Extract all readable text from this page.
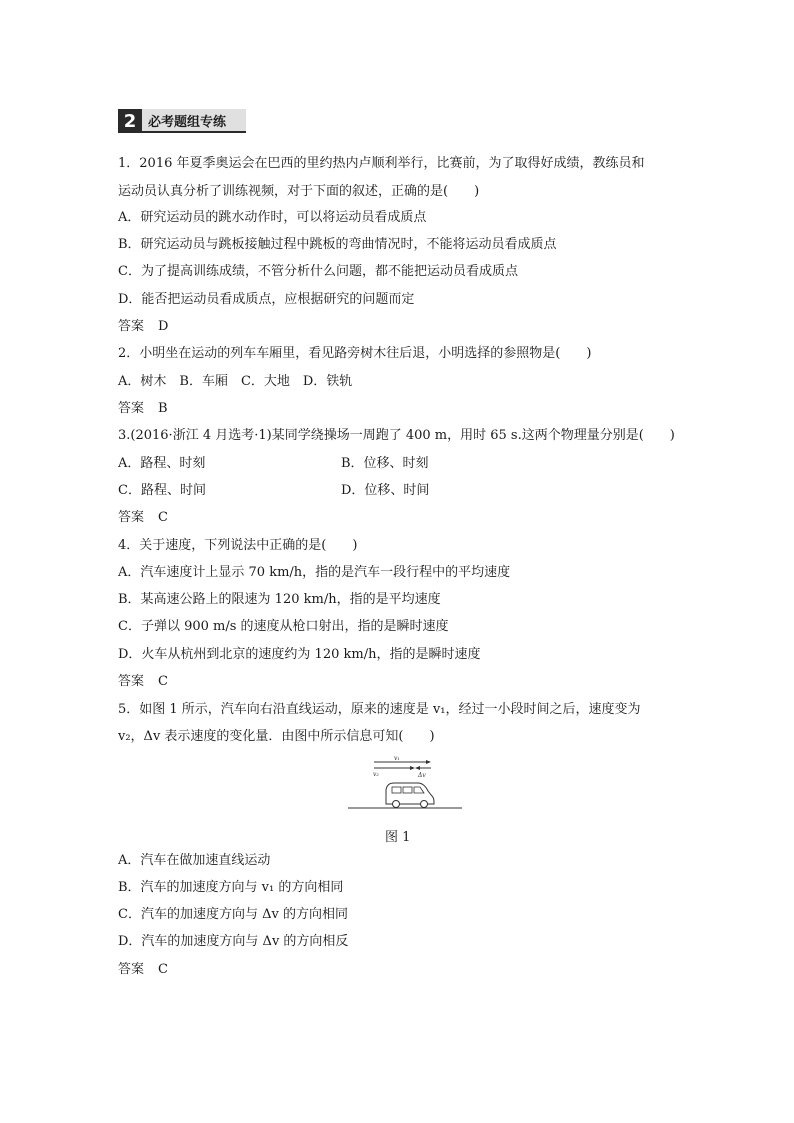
2 必考题组专练
1．2016 年夏季奥运会在巴西的里约热内卢顺利举行，比赛前，为了取得好成绩，教练员和
运动员认真分析了训练视频，对于下面的叙述，正确的是(　　)
A．研究运动员的跳水动作时，可以将运动员看成质点
B．研究运动员与跳板接触过程中跳板的弯曲情况时，不能将运动员看成质点
C．为了提高训练成绩，不管分析什么问题，都不能把运动员看成质点
D．能否把运动员看成质点，应根据研究的问题而定
答案 D
2．小明坐在运动的列车车厢里，看见路旁树木往后退，小明选择的参照物是(　　)
A．树木　B．车厢　C．大地　D．铁轨
答案 B
3.(2016·浙江 4 月选考·1)某同学绕操场一周跑了 400 m，用时 65 s.这两个物理量分别是(　　)
A．路程、时刻	B．位移、时刻
C．路程、时间	D．位移、时间
答案 C
4．关于速度，下列说法中正确的是(　　)
A．汽车速度计上显示 70 km/h，指的是汽车一段行程中的平均速度
B．某高速公路上的限速为 120 km/h，指的是平均速度
C．子弹以 900 m/s 的速度从枪口射出，指的是瞬时速度
D．火车从杭州到北京的速度约为 120 km/h，指的是瞬时速度
答案 C
5．如图 1 所示，汽车向右沿直线运动，原来的速度是 v₁，经过一小段时间之后，速度变为
v₂，Δv 表示速度的变化量．由图中所示信息可知(　　)
v₁
v₂	Δv
图 1
A．汽车在做加速直线运动
B．汽车的加速度方向与 v₁ 的方向相同
C．汽车的加速度方向与 Δv 的方向相同
D．汽车的加速度方向与 Δv 的方向相反
答案 C
